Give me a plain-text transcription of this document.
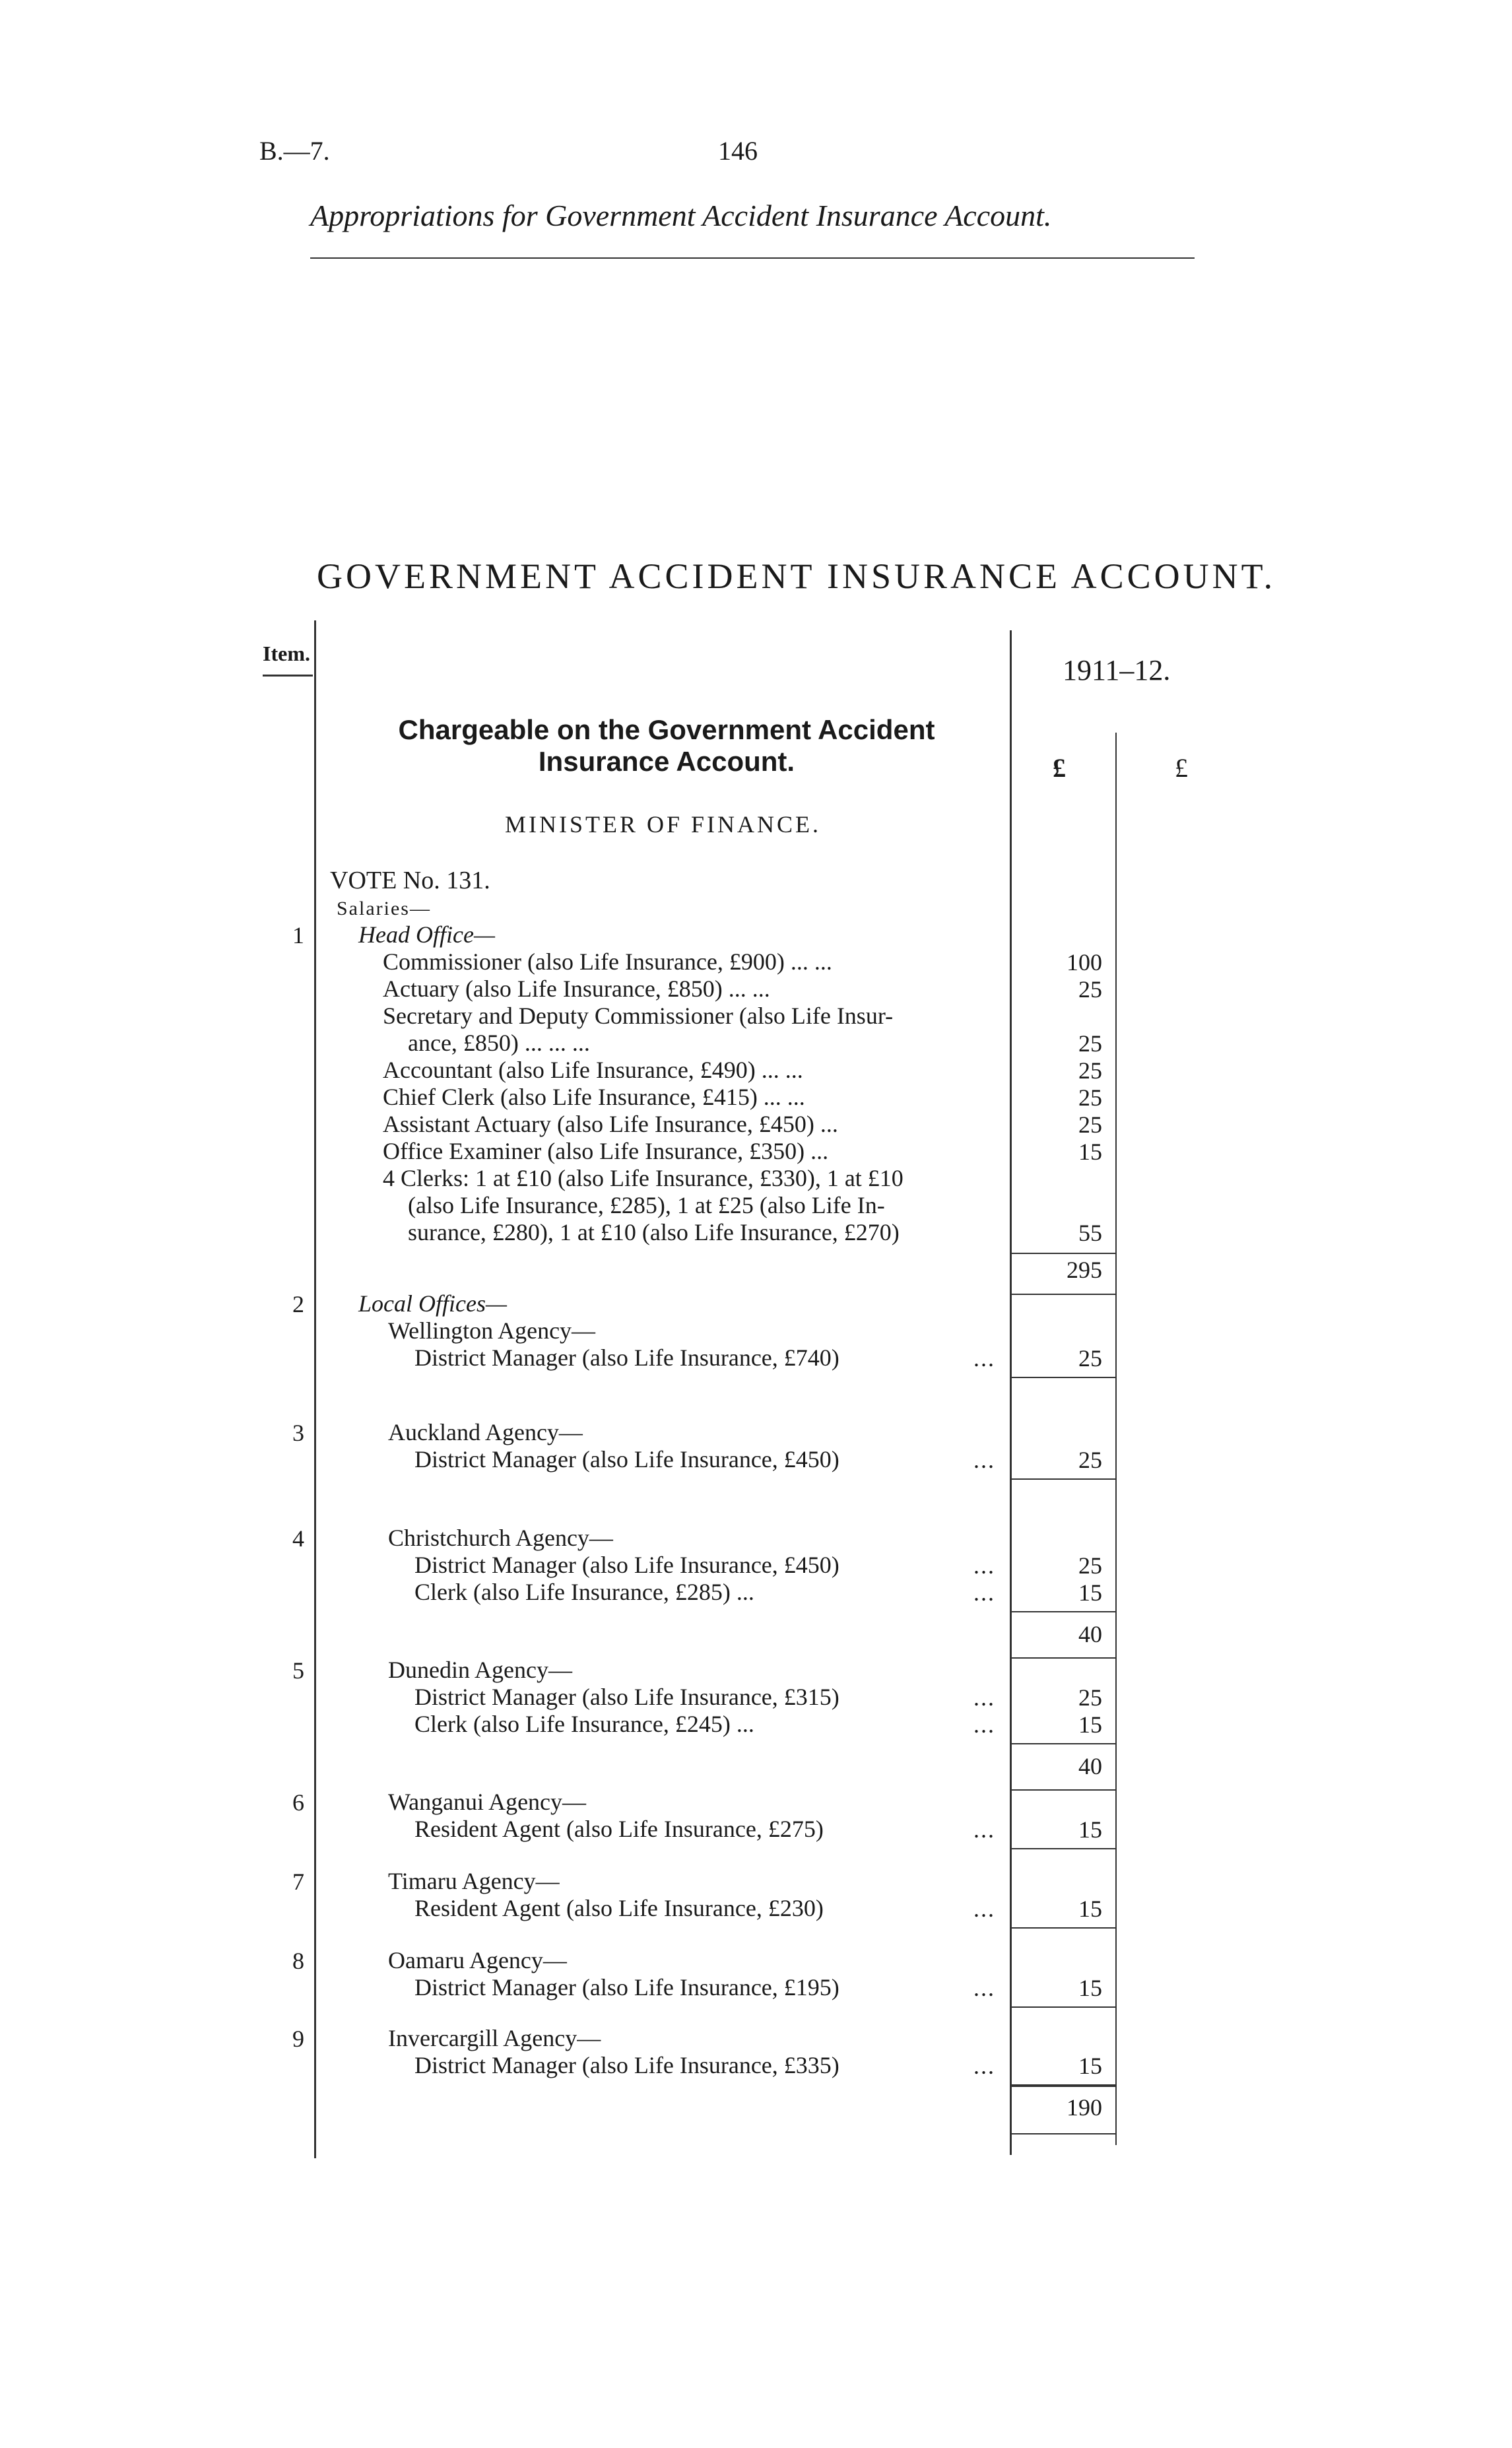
B.—7.	146
Appropriations for Government Accident Insurance Account.
GOVERNMENT ACCIDENT INSURANCE ACCOUNT.
Item.
1911–12.
£	£
Chargeable on the Government Accident Insurance Account.
MINISTER OF FINANCE.
VOTE No. 131.
Salaries—
1	Head Office—
Commissioner (also Life Insurance, £900) ... ...	100
Actuary (also Life Insurance, £850) ... ...	25
Secretary and Deputy Commissioner (also Life Insur-
ance, £850) ... ... ...	25
Accountant (also Life Insurance, £490) ... ...	25
Chief Clerk (also Life Insurance, £415) ... ...	25
Assistant Actuary (also Life Insurance, £450) ...	25
Office Examiner (also Life Insurance, £350) ...	15
4 Clerks: 1 at £10 (also Life Insurance, £330), 1 at £10
(also Life Insurance, £285), 1 at £25 (also Life In-
surance, £280), 1 at £10 (also Life Insurance, £270)	55
295
2	Local Offices—
Wellington Agency—
District Manager (also Life Insurance, £740)	...	25
3	Auckland Agency—
District Manager (also Life Insurance, £450)	...	25
4	Christchurch Agency—
District Manager (also Life Insurance, £450)	...	25
Clerk (also Life Insurance, £285) ...	...	15
40
5	Dunedin Agency—
District Manager (also Life Insurance, £315)	...	25
Clerk (also Life Insurance, £245) ...	...	15
40
6	Wanganui Agency—
Resident Agent (also Life Insurance, £275)	...	15
7	Timaru Agency—
Resident Agent (also Life Insurance, £230)	...	15
8	Oamaru Agency—
District Manager (also Life Insurance, £195)	...	15
9	Invercargill Agency—
District Manager (also Life Insurance, £335)	...	15
190
